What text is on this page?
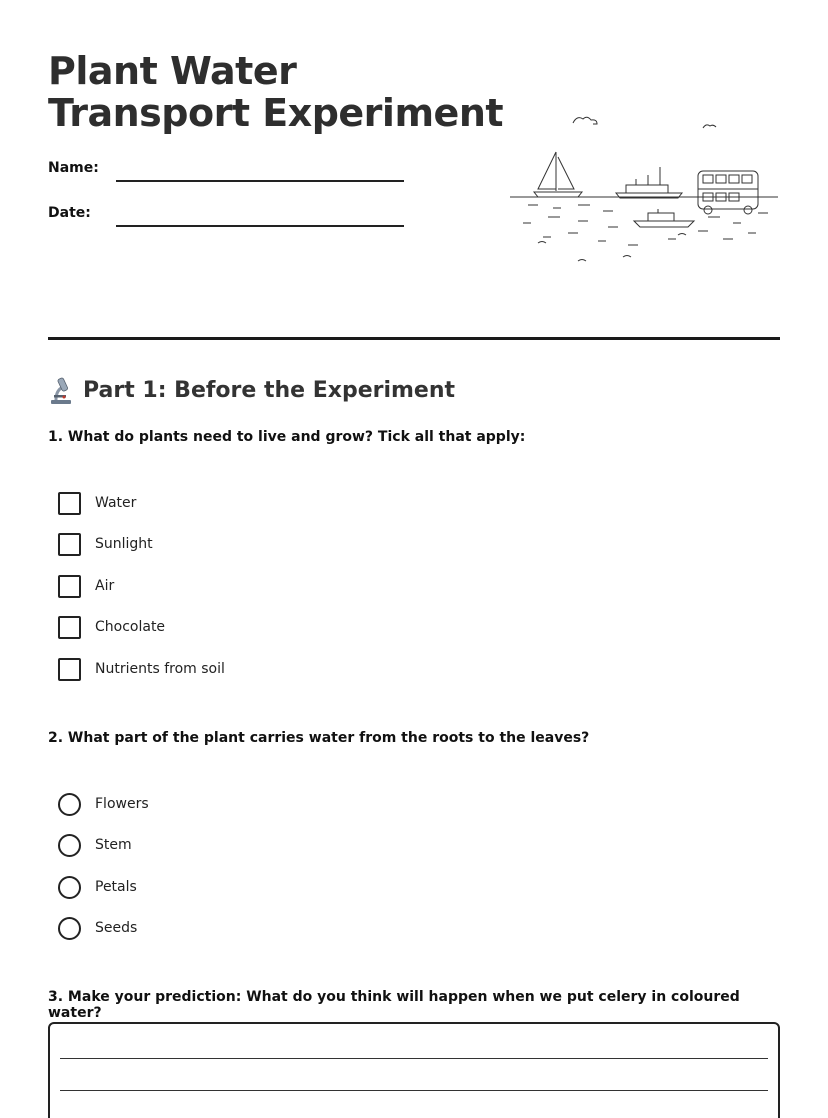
Plant Water Transport Experiment
Name:
Date:
Part 1: Before the Experiment
1. What do plants need to live and grow? Tick all that apply:
Water
Sunlight
Air
Chocolate
Nutrients from soil
2. What part of the plant carries water from the roots to the leaves?
Flowers
Stem
Petals
Seeds
3. Make your prediction: What do you think will happen when we put celery in coloured water?
